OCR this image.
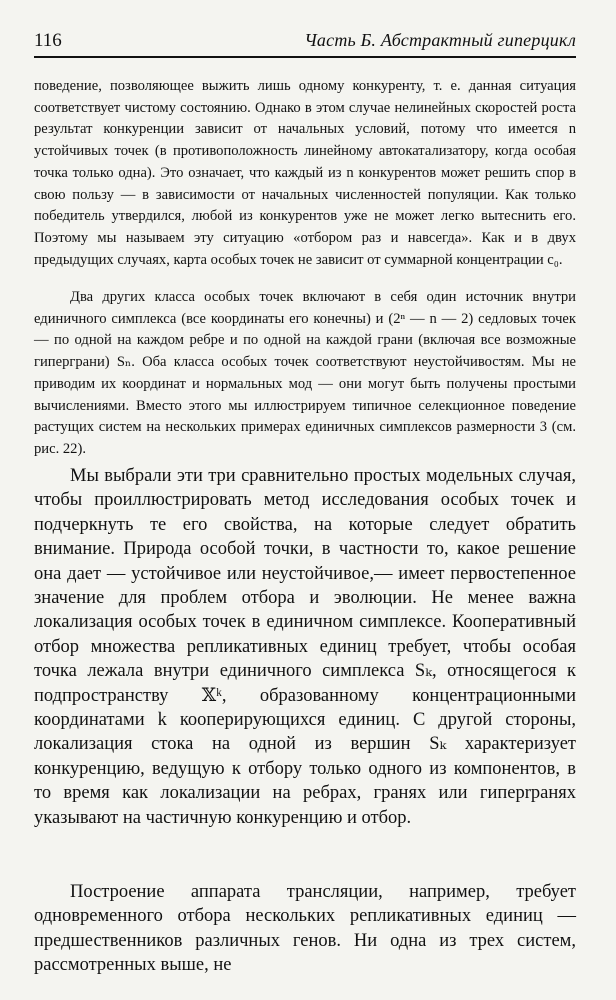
116	Часть Б. Абстрактный гиперцикл

поведение, позволяющее выжить лишь одному конкуренту, т. е. данная ситуация соответствует чистому состоянию. Однако в этом случае нелинейных скоростей роста результат конкуренции зависит от начальных условий, потому что имеется n устойчивых точек (в противоположность линейному автокатализатору, когда особая точка только одна). Это означает, что каждый из n конкурентов может решить спор в свою пользу — в зависимости от начальных численностей популяции. Как только победитель утвердился, любой из конкурентов уже не может легко вытеснить его. Поэтому мы называем эту ситуацию «отбором раз и навсегда». Как и в двух предыдущих случаях, карта особых точек не зависит от суммарной концентрации c₀.

Два других класса особых точек включают в себя один источник внутри единичного симплекса (все координаты его конечны) и (2ⁿ — n — 2) седловых точек — по одной на каждом ребре и по одной на каждой грани (включая все возможные гиперграни) Sₙ. Оба класса особых точек соответствуют неустойчивостям. Мы не приводим их координат и нормальных мод — они могут быть получены простыми вычислениями. Вместо этого мы иллюстрируем типичное селекционное поведение растущих систем на нескольких примерах единичных симплексов размерности 3 (см. рис. 22).

Мы выбрали эти три сравнительно простых модельных случая, чтобы проиллюстрировать метод исследования особых точек и подчеркнуть те его свойства, на которые следует обратить внимание. Природа особой точки, в частности то, какое решение она дает — устойчивое или неустойчивое,— имеет первостепенное значение для проблем отбора и эволюции. Не менее важна локализация особых точек в единичном симплексе. Кооперативный отбор множества репликативных единиц требует, чтобы особая точка лежала внутри единичного симплекса Sₖ, относящегося к подпространству 𝕏ᵏ, образованному концентрационными координатами k кооперирующихся единиц. С другой стороны, локализация стока на одной из вершин Sₖ характеризует конкуренцию, ведущую к отбору только одного из компонентов, в то время как локализации на ребрах, гранях или гиперrранях указывают на частичную конкуренцию и отбор.

Построение аппарата трансляции, например, требует одновременного отбора нескольких репликативных единиц — предшественников различных генов. Ни одна из трех систем, рассмотренных выше, не
